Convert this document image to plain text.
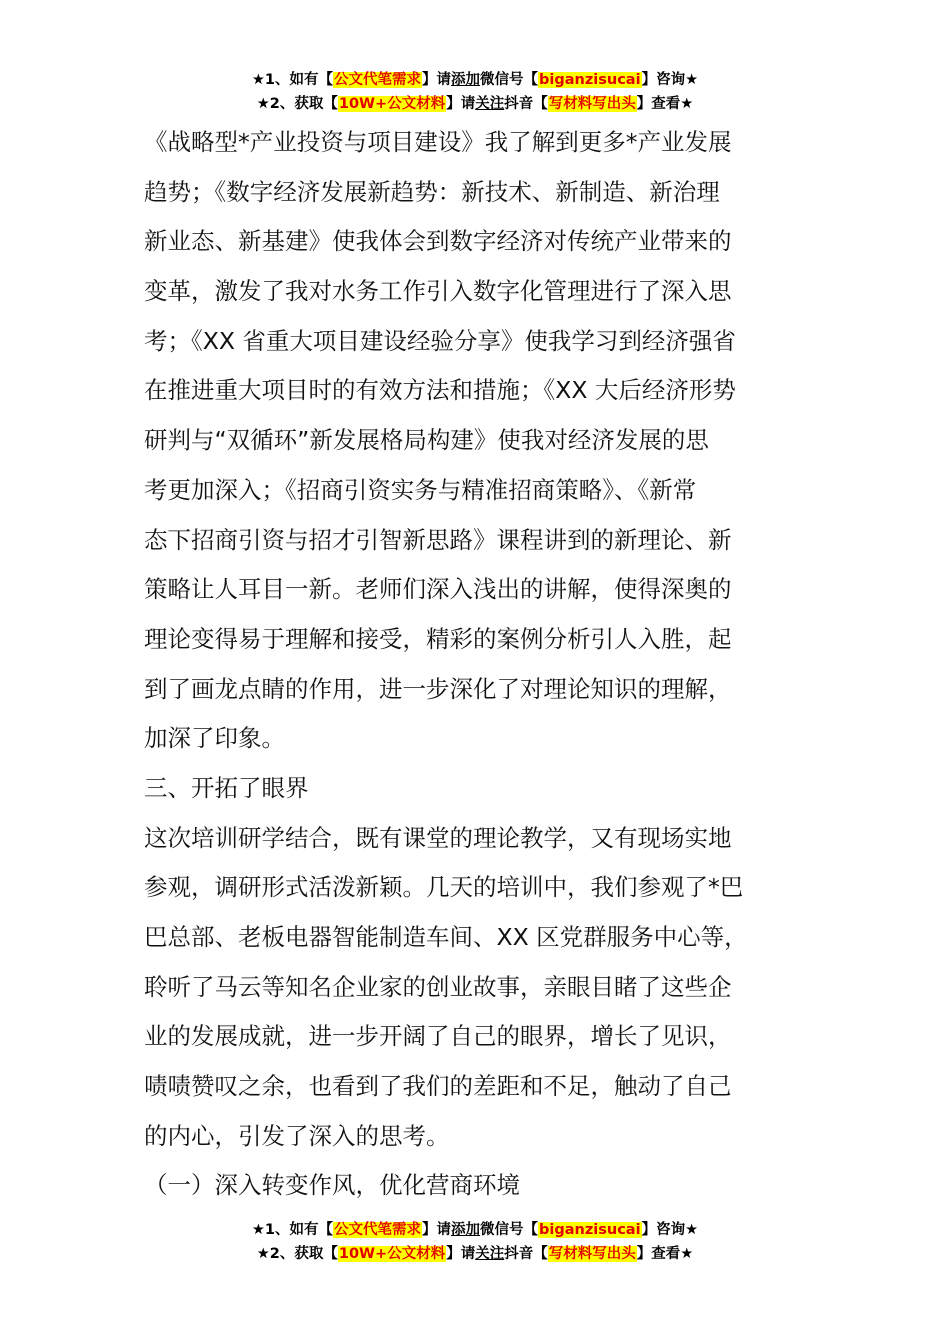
★1、如有【公文代笔需求】请添加微信号【biganzisucai】咨询★
★2、获取【10W+公文材料】请关注抖音【写材料写出头】查看★
《战略型*产业投资与项目建设》我了解到更多*产业发展
趋势；《数字经济发展新趋势：新技术、新制造、新治理
新业态、新基建》使我体会到数字经济对传统产业带来的
变革，激发了我对水务工作引入数字化管理进行了深入思
考；《XX 省重大项目建设经验分享》使我学习到经济强省
在推进重大项目时的有效方法和措施；《XX 大后经济形势
研判与“双循环”新发展格局构建》使我对经济发展的思
考更加深入；《招商引资实务与精准招商策略》、《新常
态下招商引资与招才引智新思路》课程讲到的新理论、新
策略让人耳目一新。老师们深入浅出的讲解，使得深奥的
理论变得易于理解和接受，精彩的案例分析引人入胜，起
到了画龙点睛的作用，进一步深化了对理论知识的理解，
加深了印象。
三、开拓了眼界
这次培训研学结合，既有课堂的理论教学，又有现场实地
参观，调研形式活泼新颖。几天的培训中，我们参观了*巴
巴总部、老板电器智能制造车间、XX 区党群服务中心等，
聆听了马云等知名企业家的创业故事，亲眼目睹了这些企
业的发展成就，进一步开阔了自己的眼界，增长了见识，
啧啧赞叹之余，也看到了我们的差距和不足，触动了自己
的内心，引发了深入的思考。
（一）深入转变作风，优化营商环境
★1、如有【公文代笔需求】请添加微信号【biganzisucai】咨询★
★2、获取【10W+公文材料】请关注抖音【写材料写出头】查看★
